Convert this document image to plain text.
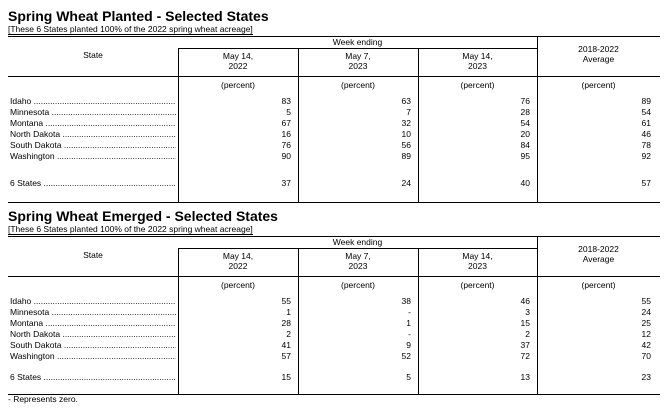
Spring Wheat Planted - Selected States

[These 6 States planted 100% of the 2022 spring wheat acreage]

State
Week ending
May 14,
2022
May 7,
2023
May 14,
2023
2018-2022
Average
(percent)	(percent)	(percent)	(percent)
Idaho .....	83	63	76	89
Minnesota .....	5	7	28	54
Montana .....	67	32	54	61
North Dakota .....	16	10	20	46
South Dakota .....	76	56	84	78
Washington .....	90	89	95	92
6 States .....	37	24	40	57

Spring Wheat Emerged - Selected States

[These 6 States planted 100% of the 2022 spring wheat acreage]

State
Week ending
May 14,
2022
May 7,
2023
May 14,
2023
2018-2022
Average
(percent)	(percent)	(percent)	(percent)
Idaho .....	55	38	46	55
Minnesota .....	1	-	3	24
Montana .....	28	1	15	25
North Dakota .....	2	-	2	12
South Dakota .....	41	9	37	42
Washington .....	57	52	72	70
6 States .....	15	5	13	23
- Represents zero.
